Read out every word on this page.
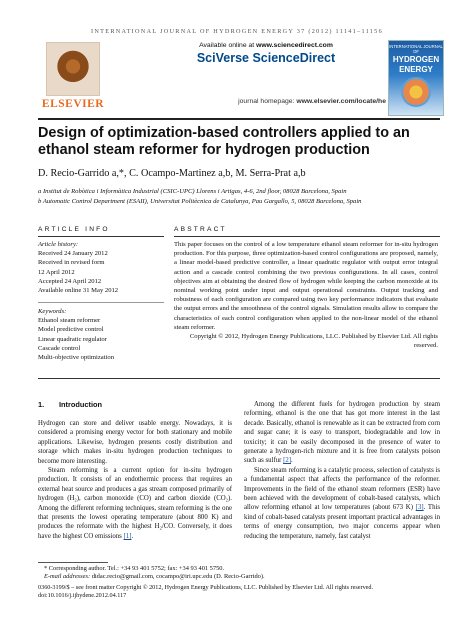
INTERNATIONAL JOURNAL OF HYDROGEN ENERGY 37 (2012) 11141–11156
ELSEVIER
Available online at www.sciencedirect.com
SciVerse ScienceDirect
journal homepage: www.elsevier.com/locate/he
INTERNATIONAL JOURNAL OF
HYDROGEN
ENERGY
Design of optimization-based controllers applied to an ethanol steam reformer for hydrogen production
D. Recio-Garrido a,*, C. Ocampo-Martinez a,b, M. Serra-Prat a,b
a Institut de Robòtica i Informàtica Industrial (CSIC-UPC) Llorens i Artigas, 4-6, 2nd floor, 08028 Barcelona, Spain
b Automatic Control Department (ESAII), Universitat Politècnica de Catalunya, Pau Gargallo, 5, 08028 Barcelona, Spain
ARTICLE INFO	ABSTRACT
Article history:
Received 24 January 2012
Received in revised form
12 April 2012
Accepted 24 April 2012
Available online 31 May 2012
Keywords:
Ethanol steam reformer
Model predictive control
Linear quadratic regulator
Cascade control
Multi-objective optimization
This paper focuses on the control of a low temperature ethanol steam reformer for in-situ hydrogen production. For this purpose, three optimization-based control configurations are proposed, namely, a linear model-based predictive controller, a linear quadratic regulator with output error integral action and a cascade control combining the two previous configurations. In all cases, control objectives aim at obtaining the desired flow of hydrogen while keeping the carbon monoxide at its nominal working point under input and output operational constraints. Output tracking and robustness of each configuration are compared using two key performance indicators that evaluate the output errors and the smoothness of the control signals. Simulation results allow to compare the characteristics of each control configuration when applied to the non-linear model of the ethanol steam reformer.
Copyright © 2012, Hydrogen Energy Publications, LLC. Published by Elsevier Ltd. All rights reserved.
1.  Introduction
Hydrogen can store and deliver usable energy. Nowadays, it is considered a promising energy vector for both stationary and mobile applications. Likewise, hydrogen presents costly distribution and storage which makes in-situ hydrogen production techniques to become more interesting.
Steam reforming is a current option for in-situ hydrogen production. It consists of an endothermic process that requires an external heat source and produces a gas stream composed primarily of hydrogen (H₂), carbon monoxide (CO) and carbon dioxide (CO₂). Among the different reforming techniques, steam reforming is the one that presents the lowest operating temperature (about 800 K) and produces the reformate with the highest H₂/CO. Conversely, it does have the highest CO emissions [1].
Among the different fuels for hydrogen production by steam reforming, ethanol is the one that has got more interest in the last decade. Basically, ethanol is renewable as it can be extracted from corn and sugar cane; it is easy to transport, biodegradable and low in toxicity; it can be easily decomposed in the presence of water to generate a hydrogen-rich mixture and it is free from catalysts poison such as sulfur [2].
Since steam reforming is a catalytic process, selection of catalysts is a fundamental aspect that affects the performance of the reformer. Improvements in the field of the ethanol steam reformers (ESR) have been achieved with the development of cobalt-based catalysts, which allow reforming ethanol at low temperatures (about 673 K) [3]. This kind of cobalt-based catalysts present important practical advantages in terms of energy consumption, two major concerns appear when reducing the temperature, namely, fast catalyst
* Corresponding author. Tel.: +34 93 401 5752; fax: +34 93 401 5750.
E-mail addresses: didac.recio@gmail.com, cocampo@iri.upc.edu (D. Recio-Garrido).
0360-3199/$ – see front matter Copyright © 2012, Hydrogen Energy Publications, LLC. Published by Elsevier Ltd. All rights reserved.
doi:10.1016/j.ijhydene.2012.04.117
